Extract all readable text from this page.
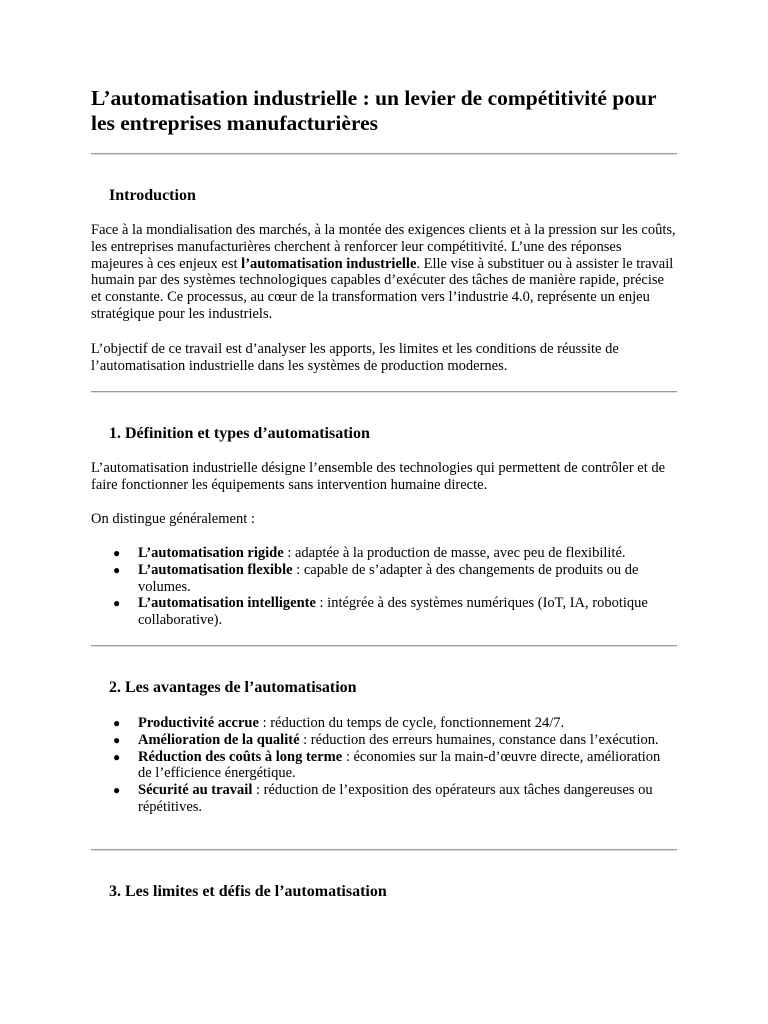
L’automatisation industrielle : un levier de compétitivité pour les entreprises manufacturières
Introduction

Face à la mondialisation des marchés, à la montée des exigences clients et à la pression sur les coûts, les entreprises manufacturières cherchent à renforcer leur compétitivité. L’une des réponses majeures à ces enjeux est l’automatisation industrielle. Elle vise à substituer ou à assister le travail humain par des systèmes technologiques capables d’exécuter des tâches de manière rapide, précise et constante. Ce processus, au cœur de la transformation vers l’industrie 4.0, représente un enjeu stratégique pour les industriels.

L’objectif de ce travail est d’analyser les apports, les limites et les conditions de réussite de l’automatisation industrielle dans les systèmes de production modernes.

1. Définition et types d’automatisation

L’automatisation industrielle désigne l’ensemble des technologies qui permettent de contrôler et de faire fonctionner les équipements sans intervention humaine directe.

On distingue généralement :

● L’automatisation rigide : adaptée à la production de masse, avec peu de flexibilité.
● L’automatisation flexible : capable de s’adapter à des changements de produits ou de volumes.
● L’automatisation intelligente : intégrée à des systèmes numériques (IoT, IA, robotique collaborative).
2. Les avantages de l’automatisation
● Productivité accrue : réduction du temps de cycle, fonctionnement 24/7.
● Amélioration de la qualité : réduction des erreurs humaines, constance dans l’exécution.
● Réduction des coûts à long terme : économies sur la main-d’œuvre directe, amélioration de l’efficience énergétique.
● Sécurité au travail : réduction de l’exposition des opérateurs aux tâches dangereuses ou répétitives.
3. Les limites et défis de l’automatisation
